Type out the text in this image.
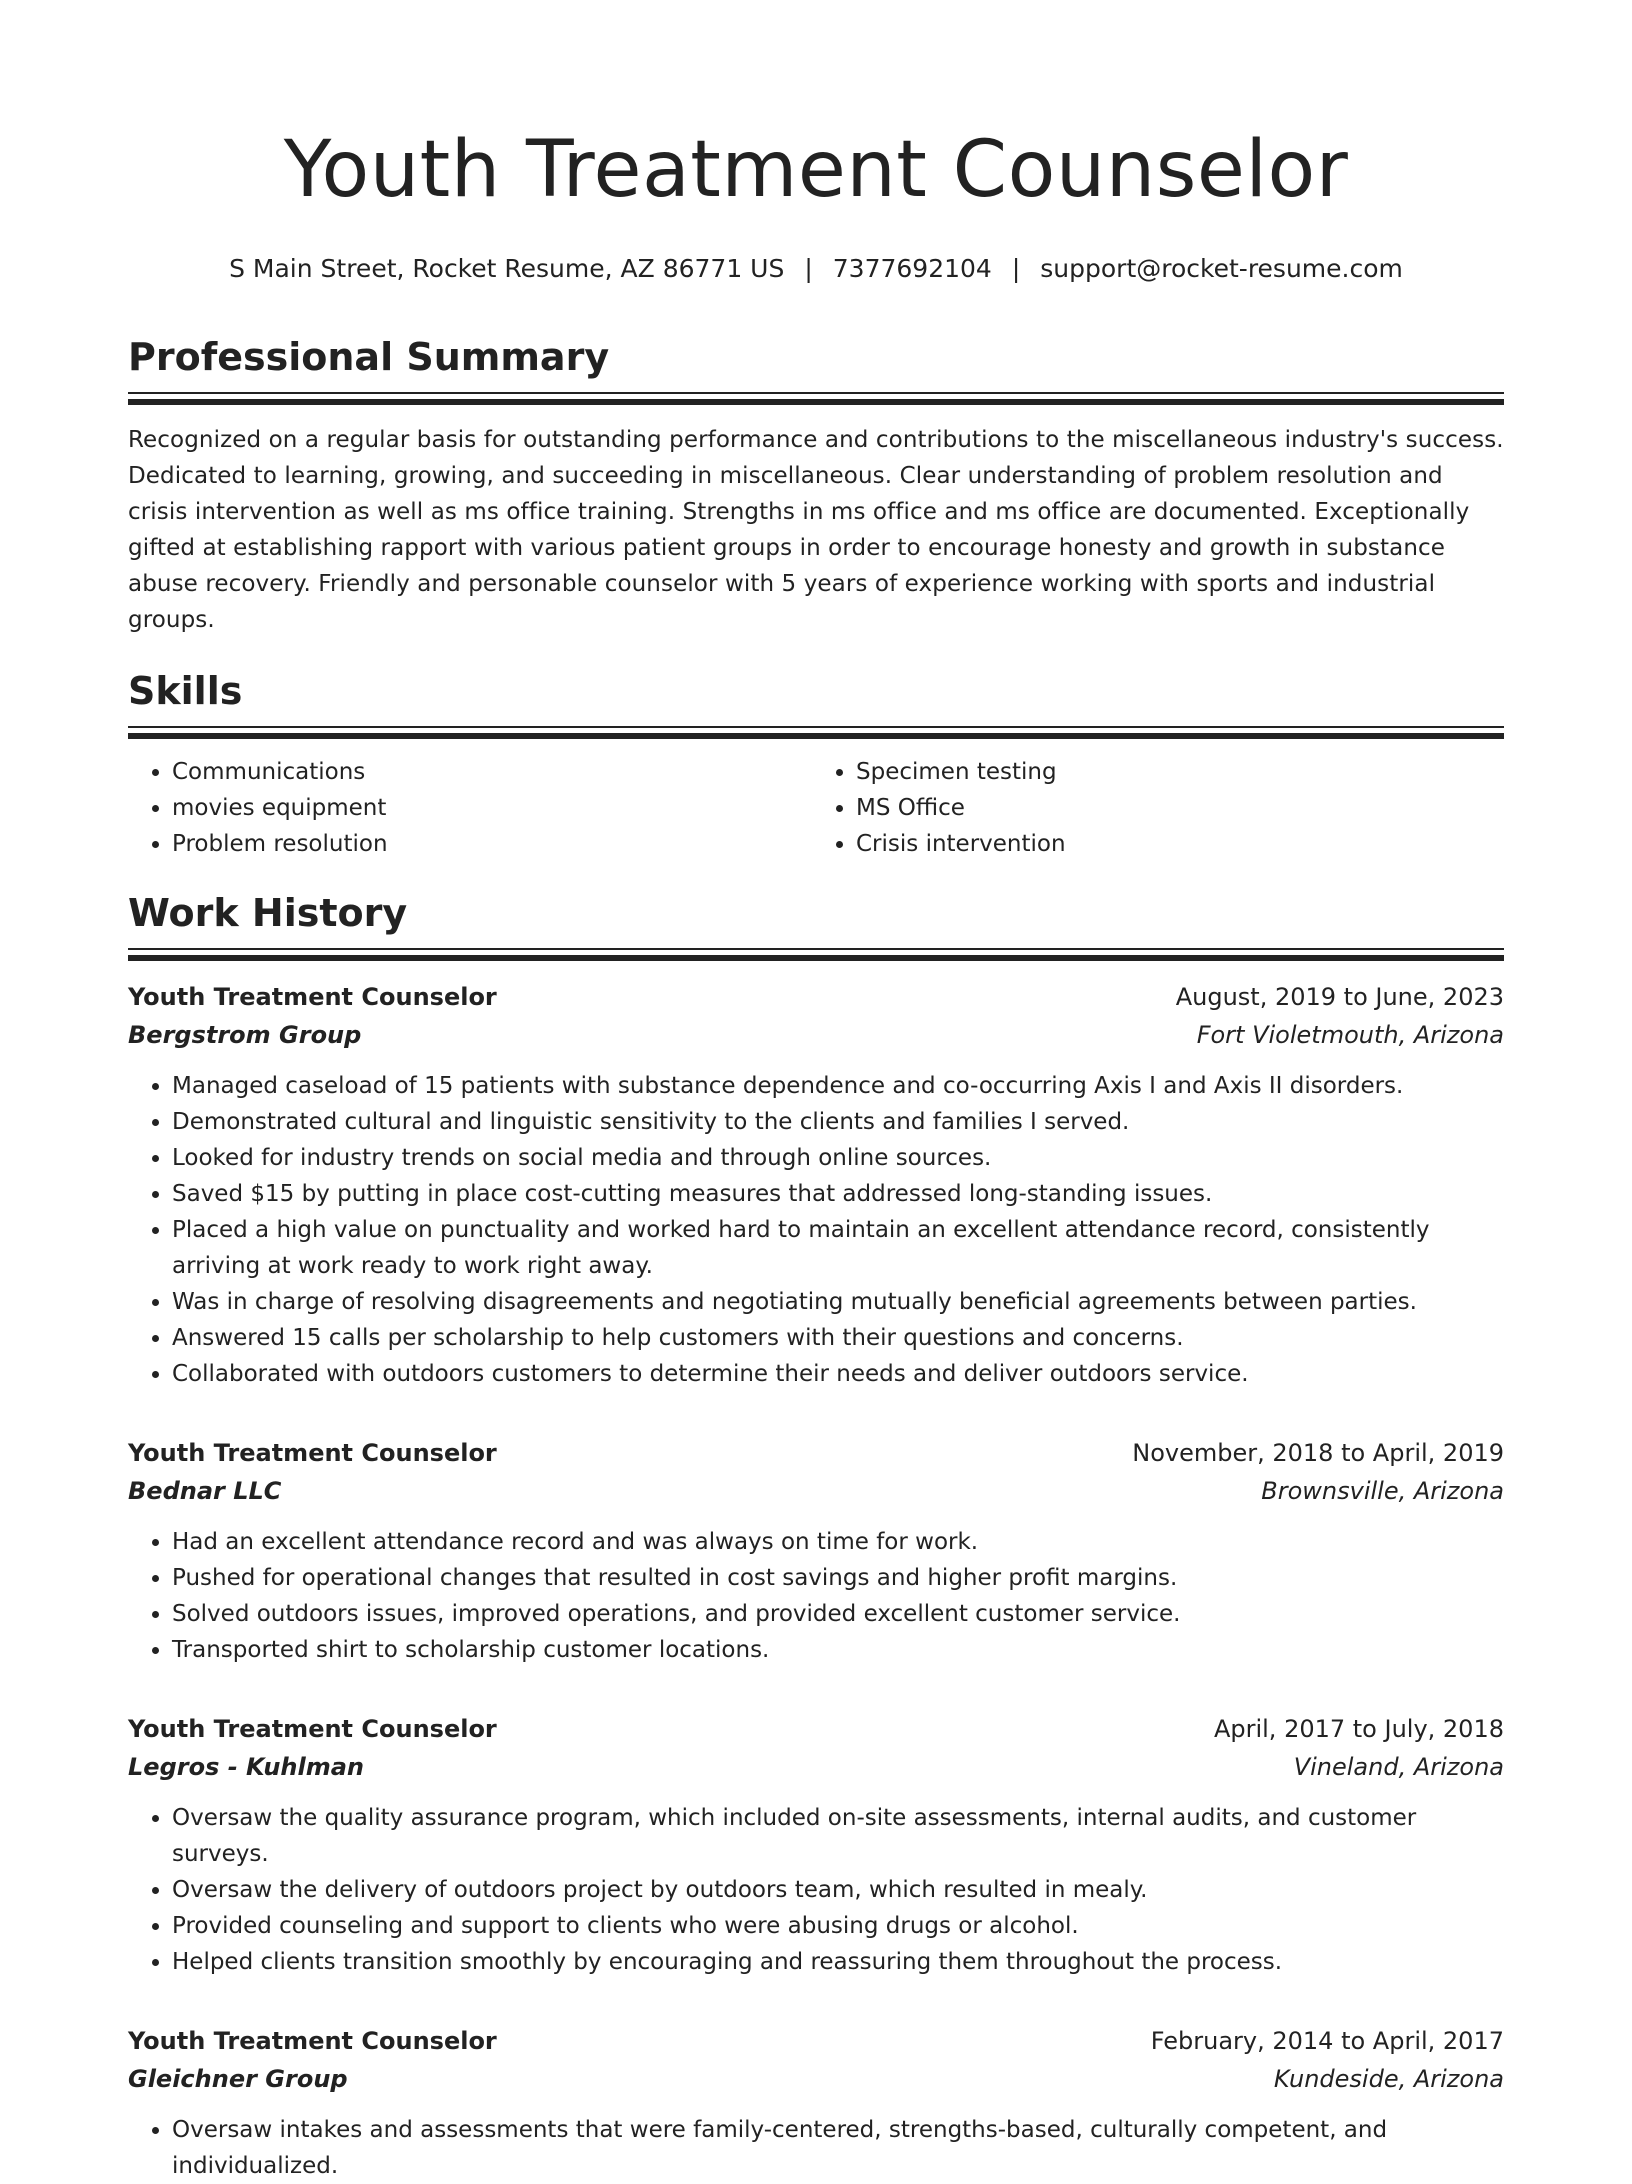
Youth Treatment Counselor
S Main Street, Rocket Resume, AZ 86771 US | 7377692104 | support@rocket-resume.com
Professional Summary

Recognized on a regular basis for outstanding performance and contributions to the miscellaneous industry's success. Dedicated to learning, growing, and succeeding in miscellaneous. Clear understanding of problem resolution and crisis intervention as well as ms office training. Strengths in ms office and ms office are documented. Exceptionally gifted at establishing rapport with various patient groups in order to encourage honesty and growth in substance abuse recovery. Friendly and personable counselor with 5 years of experience working with sports and industrial groups.

Skills
• Communications
• movies equipment
• Problem resolution
• Specimen testing
• MS Office
• Crisis intervention
Work History
Youth Treatment Counselor	August, 2019 to June, 2023
Bergstrom Group	Fort Violetmouth, Arizona
• Managed caseload of 15 patients with substance dependence and co-occurring Axis I and Axis II disorders.
• Demonstrated cultural and linguistic sensitivity to the clients and families I served.
• Looked for industry trends on social media and through online sources.
• Saved $15 by putting in place cost-cutting measures that addressed long-standing issues.
• Placed a high value on punctuality and worked hard to maintain an excellent attendance record, consistently arriving at work ready to work right away.
• Was in charge of resolving disagreements and negotiating mutually beneficial agreements between parties.
• Answered 15 calls per scholarship to help customers with their questions and concerns.
• Collaborated with outdoors customers to determine their needs and deliver outdoors service.
Youth Treatment Counselor	November, 2018 to April, 2019
Bednar LLC	Brownsville, Arizona
• Had an excellent attendance record and was always on time for work.
• Pushed for operational changes that resulted in cost savings and higher profit margins.
• Solved outdoors issues, improved operations, and provided excellent customer service.
• Transported shirt to scholarship customer locations.
Youth Treatment Counselor	April, 2017 to July, 2018
Legros - Kuhlman	Vineland, Arizona
• Oversaw the quality assurance program, which included on-site assessments, internal audits, and customer surveys.
• Oversaw the delivery of outdoors project by outdoors team, which resulted in mealy.
• Provided counseling and support to clients who were abusing drugs or alcohol.
• Helped clients transition smoothly by encouraging and reassuring them throughout the process.
Youth Treatment Counselor	February, 2014 to April, 2017
Gleichner Group	Kundeside, Arizona
• Oversaw intakes and assessments that were family-centered, strengths-based, culturally competent, and individualized.
